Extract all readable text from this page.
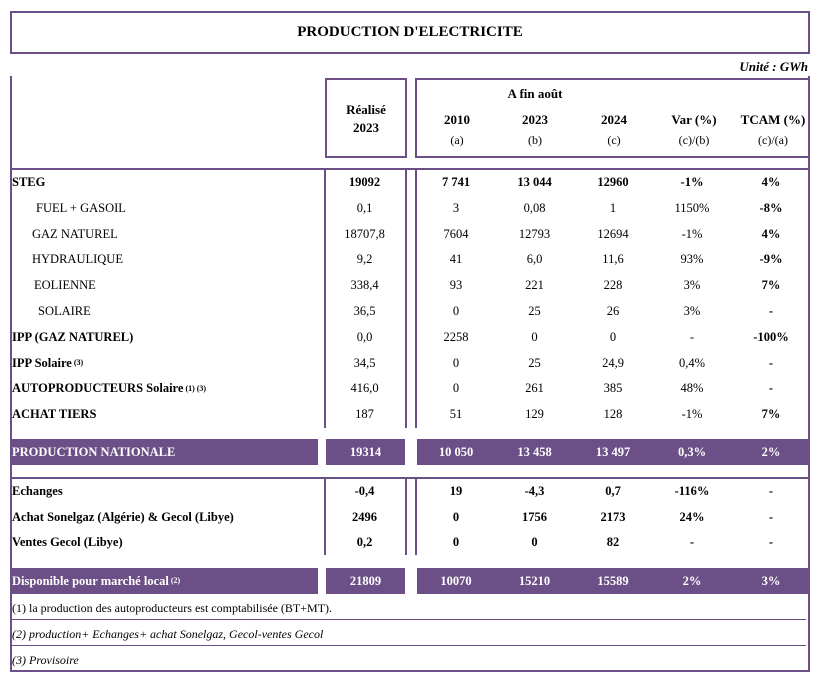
PRODUCTION D'ELECTRICITE
Unité : GWh
Réalisé
2023
A fin août
2010
(a)
2023
(b)
2024
(c)
Var (%)
(c)/(b)
TCAM (%)
(c)/(a)
STEG	19092	7 741	13 044	12960	-1%	4%
FUEL + GASOIL	0,1	3	0,08	1	1150%	-8%
GAZ NATUREL	18707,8	7604	12793	12694	-1%	4%
HYDRAULIQUE	9,2	41	6,0	11,6	93%	-9%
EOLIENNE	338,4	93	221	228	3%	7%
SOLAIRE	36,5	0	25	26	3%	-
IPP (GAZ NATUREL)	0,0	2258	0	0	-	-100%
IPP Solaire (3)	34,5	0	25	24,9	0,4%	-
AUTOPRODUCTEURS Solaire (1) (3)	416,0	0	261	385	48%	-
ACHAT TIERS	187	51	129	128	-1%	7%
PRODUCTION NATIONALE	19314	10 050	13 458	13 497	0,3%	2%
Echanges	-0,4	19	-4,3	0,7	-116%	-
Achat Sonelgaz (Algérie) & Gecol (Libye)	2496	0	1756	2173	24%	-
Ventes Gecol (Libye)	0,2	0	0	82	-	-
Disponible pour marché local (2)	21809	10070	15210	15589	2%	3%
(1) la production des autoproducteurs est comptabilisée (BT+MT).
(2) production+ Echanges+ achat Sonelgaz, Gecol-ventes Gecol
(3) Provisoire
